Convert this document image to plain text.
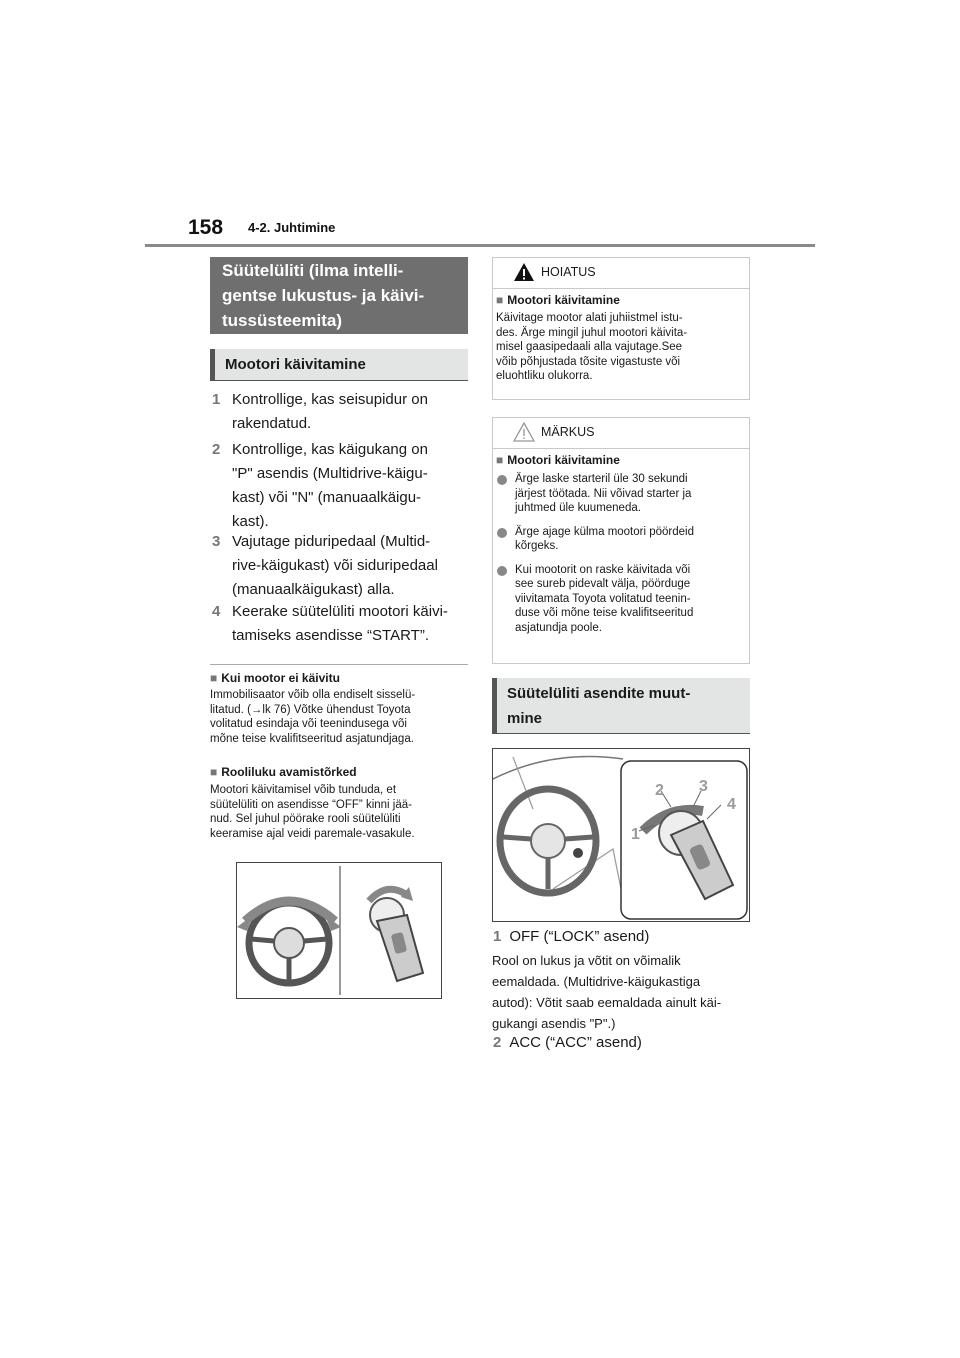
158 4-2. Juhtimine
Süütelüliti (ilma intelli-
gentse lukustus- ja käivi-
tussüsteemita)
Mootori käivitamine
1 Kontrollige, kas seisupidur on
rakendatud.
2 Kontrollige, kas käigukang on
"P" asendis (Multidrive-käigu-
kast) või "N" (manuaalkäigu-
kast).
3 Vajutage piduripedaal (Multid-
rive-käigukast) või siduripedaal
(manuaalkäigukast) alla.
4 Keerake süütelüliti mootori käivi-
tamiseks asendisse “START”.
■ Kui mootor ei käivitu
Immobilisaator võib olla endiselt sisselü-
litatud. (→lk 76) Võtke ühendust Toyota
volitatud esindaja või teenindusega või
mõne teise kvalifitseeritud asjatundjaga.
■ Rooliluku avamistõrked
Mootori käivitamisel võib tunduda, et
süütelüliti on asendisse “OFF” kinni jää-
nud. Sel juhul pöörake rooli süütelüliti
keeramise ajal veidi paremale-vasakule.
HOIATUS
■ Mootori käivitamine
Käivitage mootor alati juhiistmel istu-
des. Ärge mingil juhul mootori käivita-
misel gaasipedaali alla vajutage.See
võib põhjustada tõsite vigastuste või
eluohtliku olukorra.
MÄRKUS
■ Mootori käivitamine
Ärge laske starteril üle 30 sekundi
järjest töötada. Nii võivad starter ja
juhtmed üle kuumeneda.
Ärge ajage külma mootori pöördeid
kõrgeks.
Kui mootorit on raske käivitada või
see sureb pidevalt välja, pöörduge
viivitamata Toyota volitatud teenin-
duse või mõne teise kvalifitseeritud
asjatundja poole.
Süütelüliti asendite muut-
mine
1
2 3
4
1 OFF (“LOCK” asend)
Rool on lukus ja võtit on võimalik
eemaldada. (Multidrive-käigukastiga
autod): Võtit saab eemaldada ainult käi-
gukangi asendis "P".)
2 ACC (“ACC” asend)
